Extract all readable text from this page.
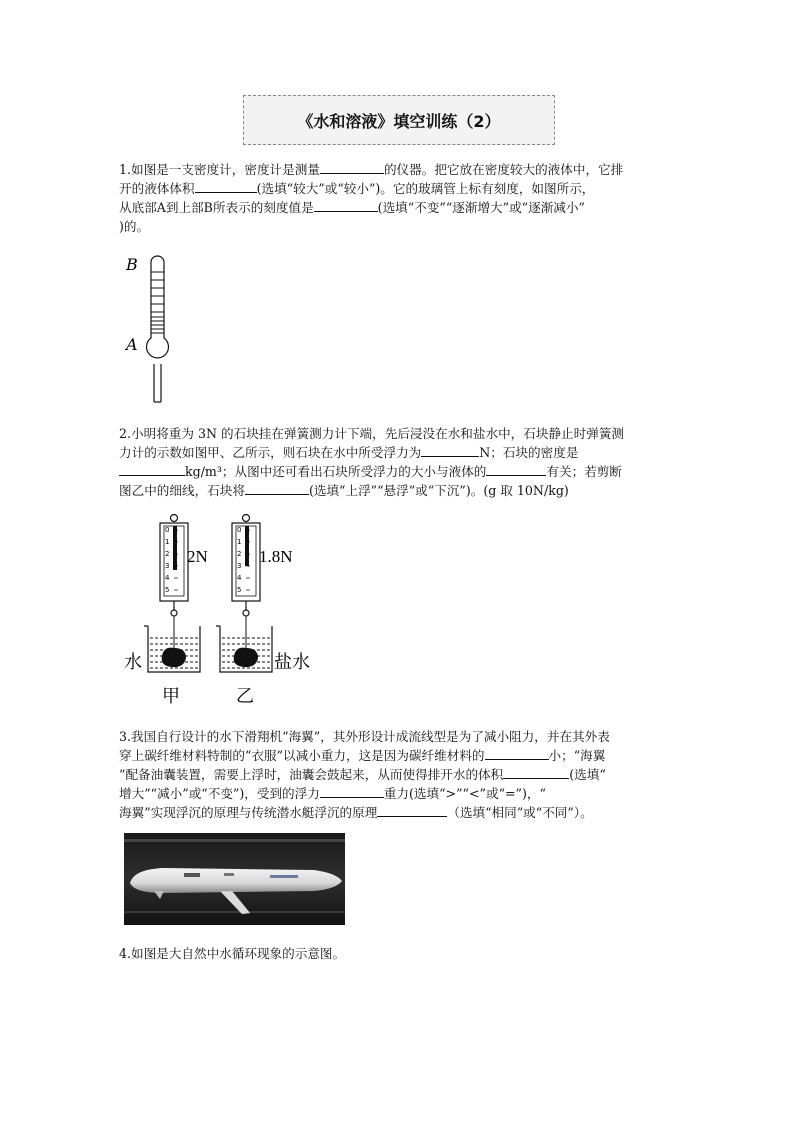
《水和溶液》填空训练（2）

1.如图是一支密度计，密度计是测量	的仪器。把它放在密度较大的液体中，它排

开的液体体积	(选填“较大”或“较小”)。它的玻璃管上标有刻度，如图所示，

从底部A到上部B所表示的刻度值是	(选填“不变”“逐渐增大”或“逐渐减小”

)的。

B
A

2.小明将重为 3N 的石块挂在弹簧测力计下端，先后浸没在水和盐水中，石块静止时弹簧测

力计的示数如图甲、乙所示，则石块在水中所受浮力为	N；石块的密度是

kg/m³；从图中还可看出石块所受浮力的大小与液体的	有关；若剪断

图乙中的细线，石块将	(选填“上浮”“悬浮”或“下沉”)。(g 取 10N/kg)

0
1
2
3
4
5
2N
水
甲
0
1
2
3
4
5
1.8N
盐水
乙

3.我国自行设计的水下滑翔机“海翼”，其外形设计成流线型是为了减小阻力，并在其外表

穿上碳纤维材料特制的“衣服”以减小重力，这是因为碳纤维材料的	小；“海翼

”配备油囊装置，需要上浮时，油囊会鼓起来，从而使得排开水的体积	(选填“

增大”“减小”或“不变”)，受到的浮力	重力(选填“>”“<”或“=”)，“

海翼”实现浮沉的原理与传统潜水艇浮沉的原理	（选填“相同”或“不同”）。

4.如图是大自然中水循环现象的示意图。
